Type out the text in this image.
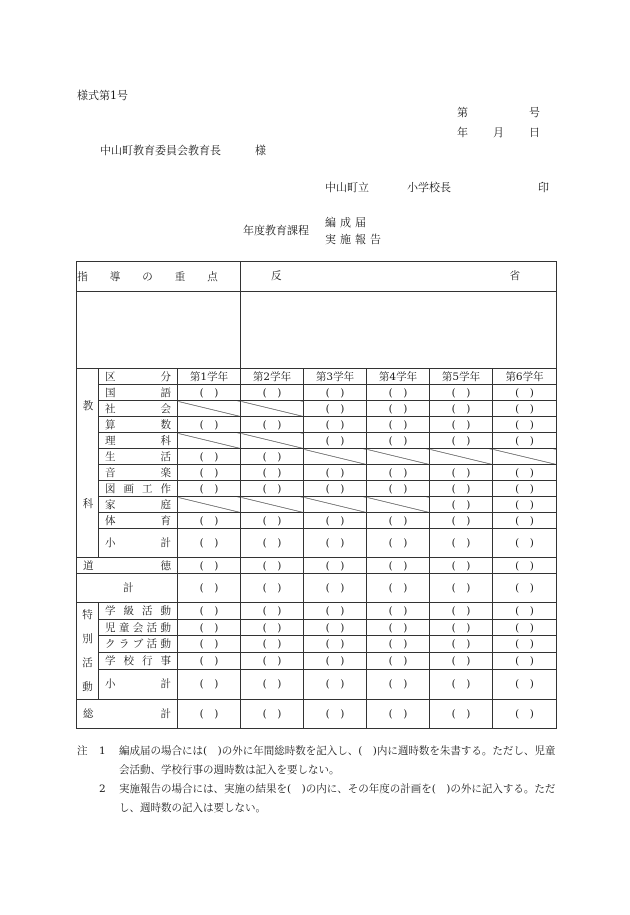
様式第1号
第	号
年 月 日
中山町教育委員会教育長	様
中山町立	小学校長	印
年度教育課程
編成届
実施報告
指導の重点			反 省				

教
科	区分	第1学年	第2学年	第3学年	第4学年	第5学年	第6学年
	国語	(　)	(　)	(　)	(　)	(　)	(　)
	社会			(　)	(　)	(　)	(　)
	算数	(　)	(　)	(　)	(　)	(　)	(　)
	理科			(　)	(　)	(　)	(　)
	生活	(　)	(　)				
	音楽	(　)	(　)	(　)	(　)	(　)	(　)
	図画工作	(　)	(　)	(　)	(　)	(　)	(　)
	家庭					(　)	(　)
	体育	(　)	(　)	(　)	(　)	(　)	(　)
	小計	(　)	(　)	(　)	(　)	(　)	(　)
道徳		(　)	(　)	(　)	(　)	(　)	(　)
計		(　)	(　)	(　)	(　)	(　)	(　)

特
別
活
動	学級活動	(　)	(　)	(　)	(　)	(　)	(　)
	児童会活動	(　)	(　)	(　)	(　)	(　)	(　)
	クラブ活動	(　)	(　)	(　)	(　)	(　)	(　)
	学校行事	(　)	(　)	(　)	(　)	(　)	(　)
	小計	(　)	(　)	(　)	(　)	(　)	(　)
総計		(　)	(　)	(　)	(　)	(　)	(　)
注 1 編成届の場合には(　)の外に年間総時数を記入し、(　)内に週時数を朱書する。ただし、児童会活動、学校行事の週時数は記入を要しない。
2 実施報告の場合には、実施の結果を(　)の内に、その年度の計画を(　)の外に記入する。ただし、週時数の記入は要しない。
